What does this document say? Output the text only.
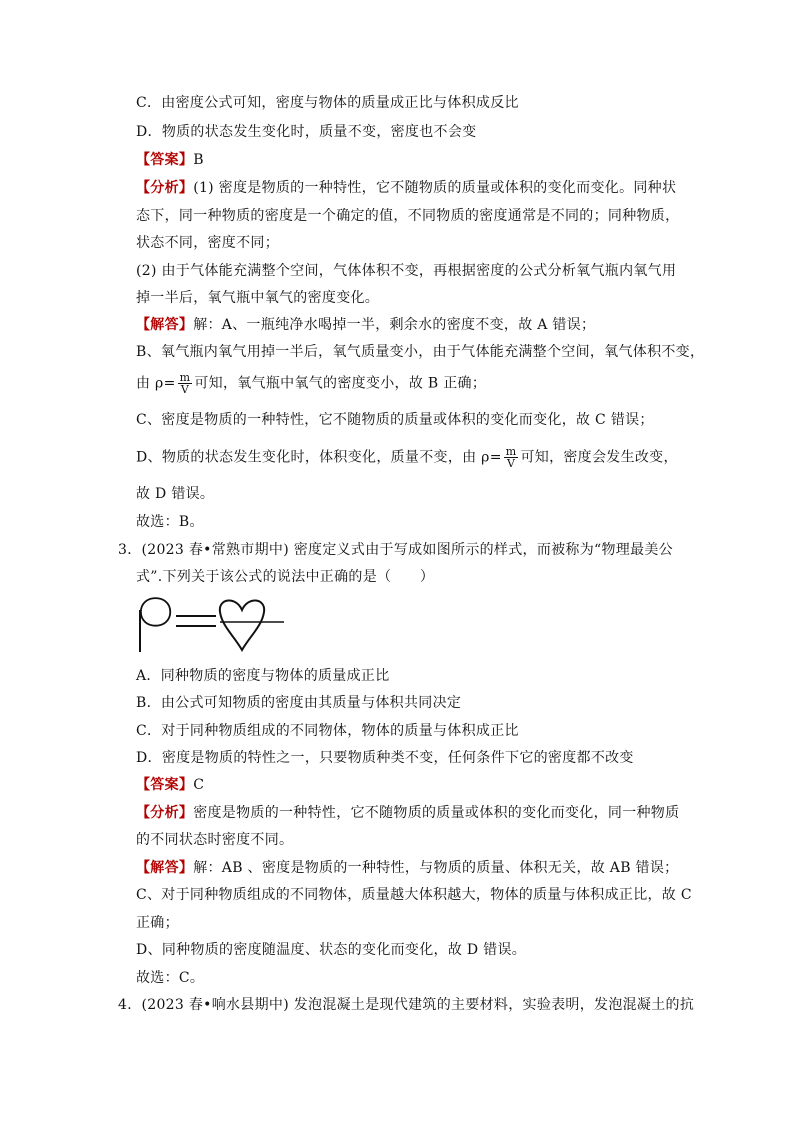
C．由密度公式可知，密度与物体的质量成正比与体积成反比
D．物质的状态发生变化时，质量不变，密度也不会变
【答案】B
【分析】(1) 密度是物质的一种特性，它不随物质的质量或体积的变化而变化。同种状
态下，同一种物质的密度是一个确定的值，不同物质的密度通常是不同的；同种物质，
状态不同，密度不同；
(2) 由于气体能充满整个空间，气体体积不变，再根据密度的公式分析氧气瓶内氧气用
掉一半后，氧气瓶中氧气的密度变化。
【解答】解：A、一瓶纯净水喝掉一半，剩余水的密度不变，故 A 错误；
B、氧气瓶内氧气用掉一半后，氧气质量变小，由于气体能充满整个空间，氧气体积不变，
由 $\rho= \frac{m}{V}$ 可知，氧气瓶中氧气的密度变小，故 B 正确；
C、密度是物质的一种特性，它不随物质的质量或体积的变化而变化，故 C 错误；
D、物质的状态发生变化时，体积变化，质量不变，由 $\rho= \frac{m}{V}$ 可知，密度会发生改变，
故 D 错误。
故选：B。
3．(2023 春•常熟市期中) 密度定义式由于写成如图所示的样式，而被称为“物理最美公
式”.下列关于该公式的说法中正确的是（　　）
A．同种物质的密度与物体的质量成正比
B．由公式可知物质的密度由其质量与体积共同决定
C．对于同种物质组成的不同物体，物体的质量与体积成正比
D．密度是物质的特性之一，只要物质种类不变，任何条件下它的密度都不改变
【答案】C
【分析】密度是物质的一种特性，它不随物质的质量或体积的变化而变化，同一种物质
的不同状态时密度不同。
【解答】解：AB 、密度是物质的一种特性，与物质的质量、体积无关，故 AB 错误；
C、对于同种物质组成的不同物体，质量越大体积越大，物体的质量与体积成正比，故 C
正确；
D、同种物质的密度随温度、状态的变化而变化，故 D 错误。
故选：C。
4．(2023 春•响水县期中) 发泡混凝土是现代建筑的主要材料，实验表明，发泡混凝土的抗
